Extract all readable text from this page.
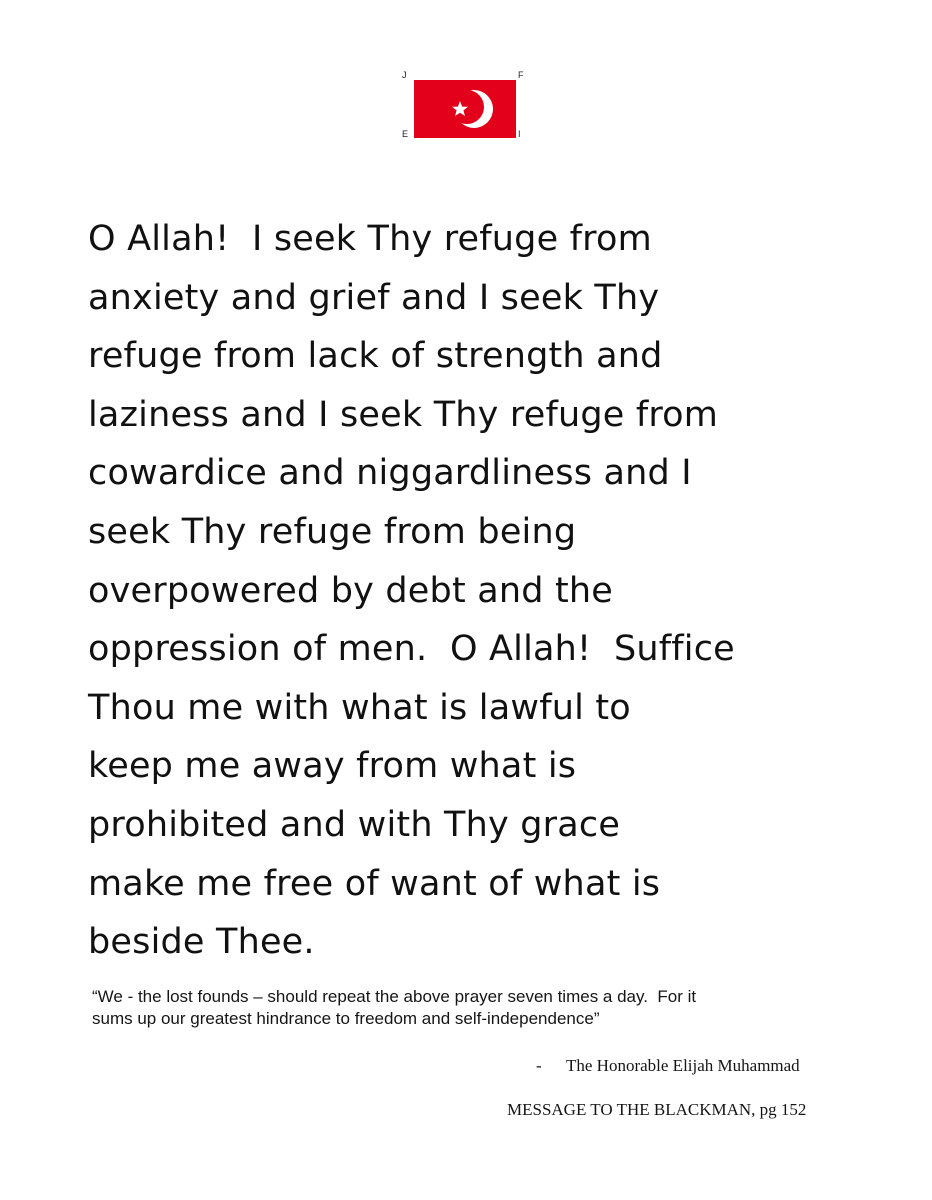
J	F
E	I
O Allah!  I seek Thy refuge from
anxiety and grief and I seek Thy
refuge from lack of strength and
laziness and I seek Thy refuge from
cowardice and niggardliness and I
seek Thy refuge from being
overpowered by debt and the
oppression of men.  O Allah!  Suffice
Thou me with what is lawful to
keep me away from what is
prohibited and with Thy grace
make me free of want of what is
beside Thee.
“We - the lost founds – should repeat the above prayer seven times a day.  For it
sums up our greatest hindrance to freedom and self-independence”
- The Honorable Elijah Muhammad
MESSAGE TO THE BLACKMAN, pg 152
